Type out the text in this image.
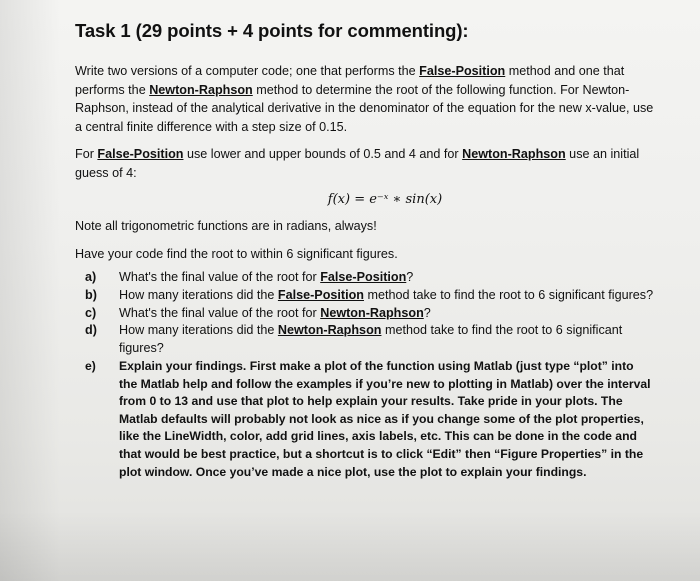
Task 1 (29 points + 4 points for commenting):

Write two versions of a computer code; one that performs the False-Position method and one that performs the Newton-Raphson method to determine the root of the following function. For Newton-Raphson, instead of the analytical derivative in the denominator of the equation for the new x-value, use a central finite difference with a step size of 0.15.

For False-Position use lower and upper bounds of 0.5 and 4 and for Newton-Raphson use an initial guess of 4:

f(x) = e⁻ˣ ∗ sin(x)

Note all trigonometric functions are in radians, always!

Have your code find the root to within 6 significant figures.

a) What's the final value of the root for False-Position?
b) How many iterations did the False-Position method take to find the root to 6 significant figures?
c) What's the final value of the root for Newton-Raphson?
d) How many iterations did the Newton-Raphson method take to find the root to 6 significant figures?
e) Explain your findings. First make a plot of the function using Matlab (just type “plot” into the Matlab help and follow the examples if you’re new to plotting in Matlab) over the interval from 0 to 13 and use that plot to help explain your results. Take pride in your plots. The Matlab defaults will probably not look as nice as if you change some of the plot properties, like the LineWidth, color, add grid lines, axis labels, etc. This can be done in the code and that would be best practice, but a shortcut is to click “Edit” then “Figure Properties” in the plot window. Once you’ve made a nice plot, use the plot to explain your findings.
